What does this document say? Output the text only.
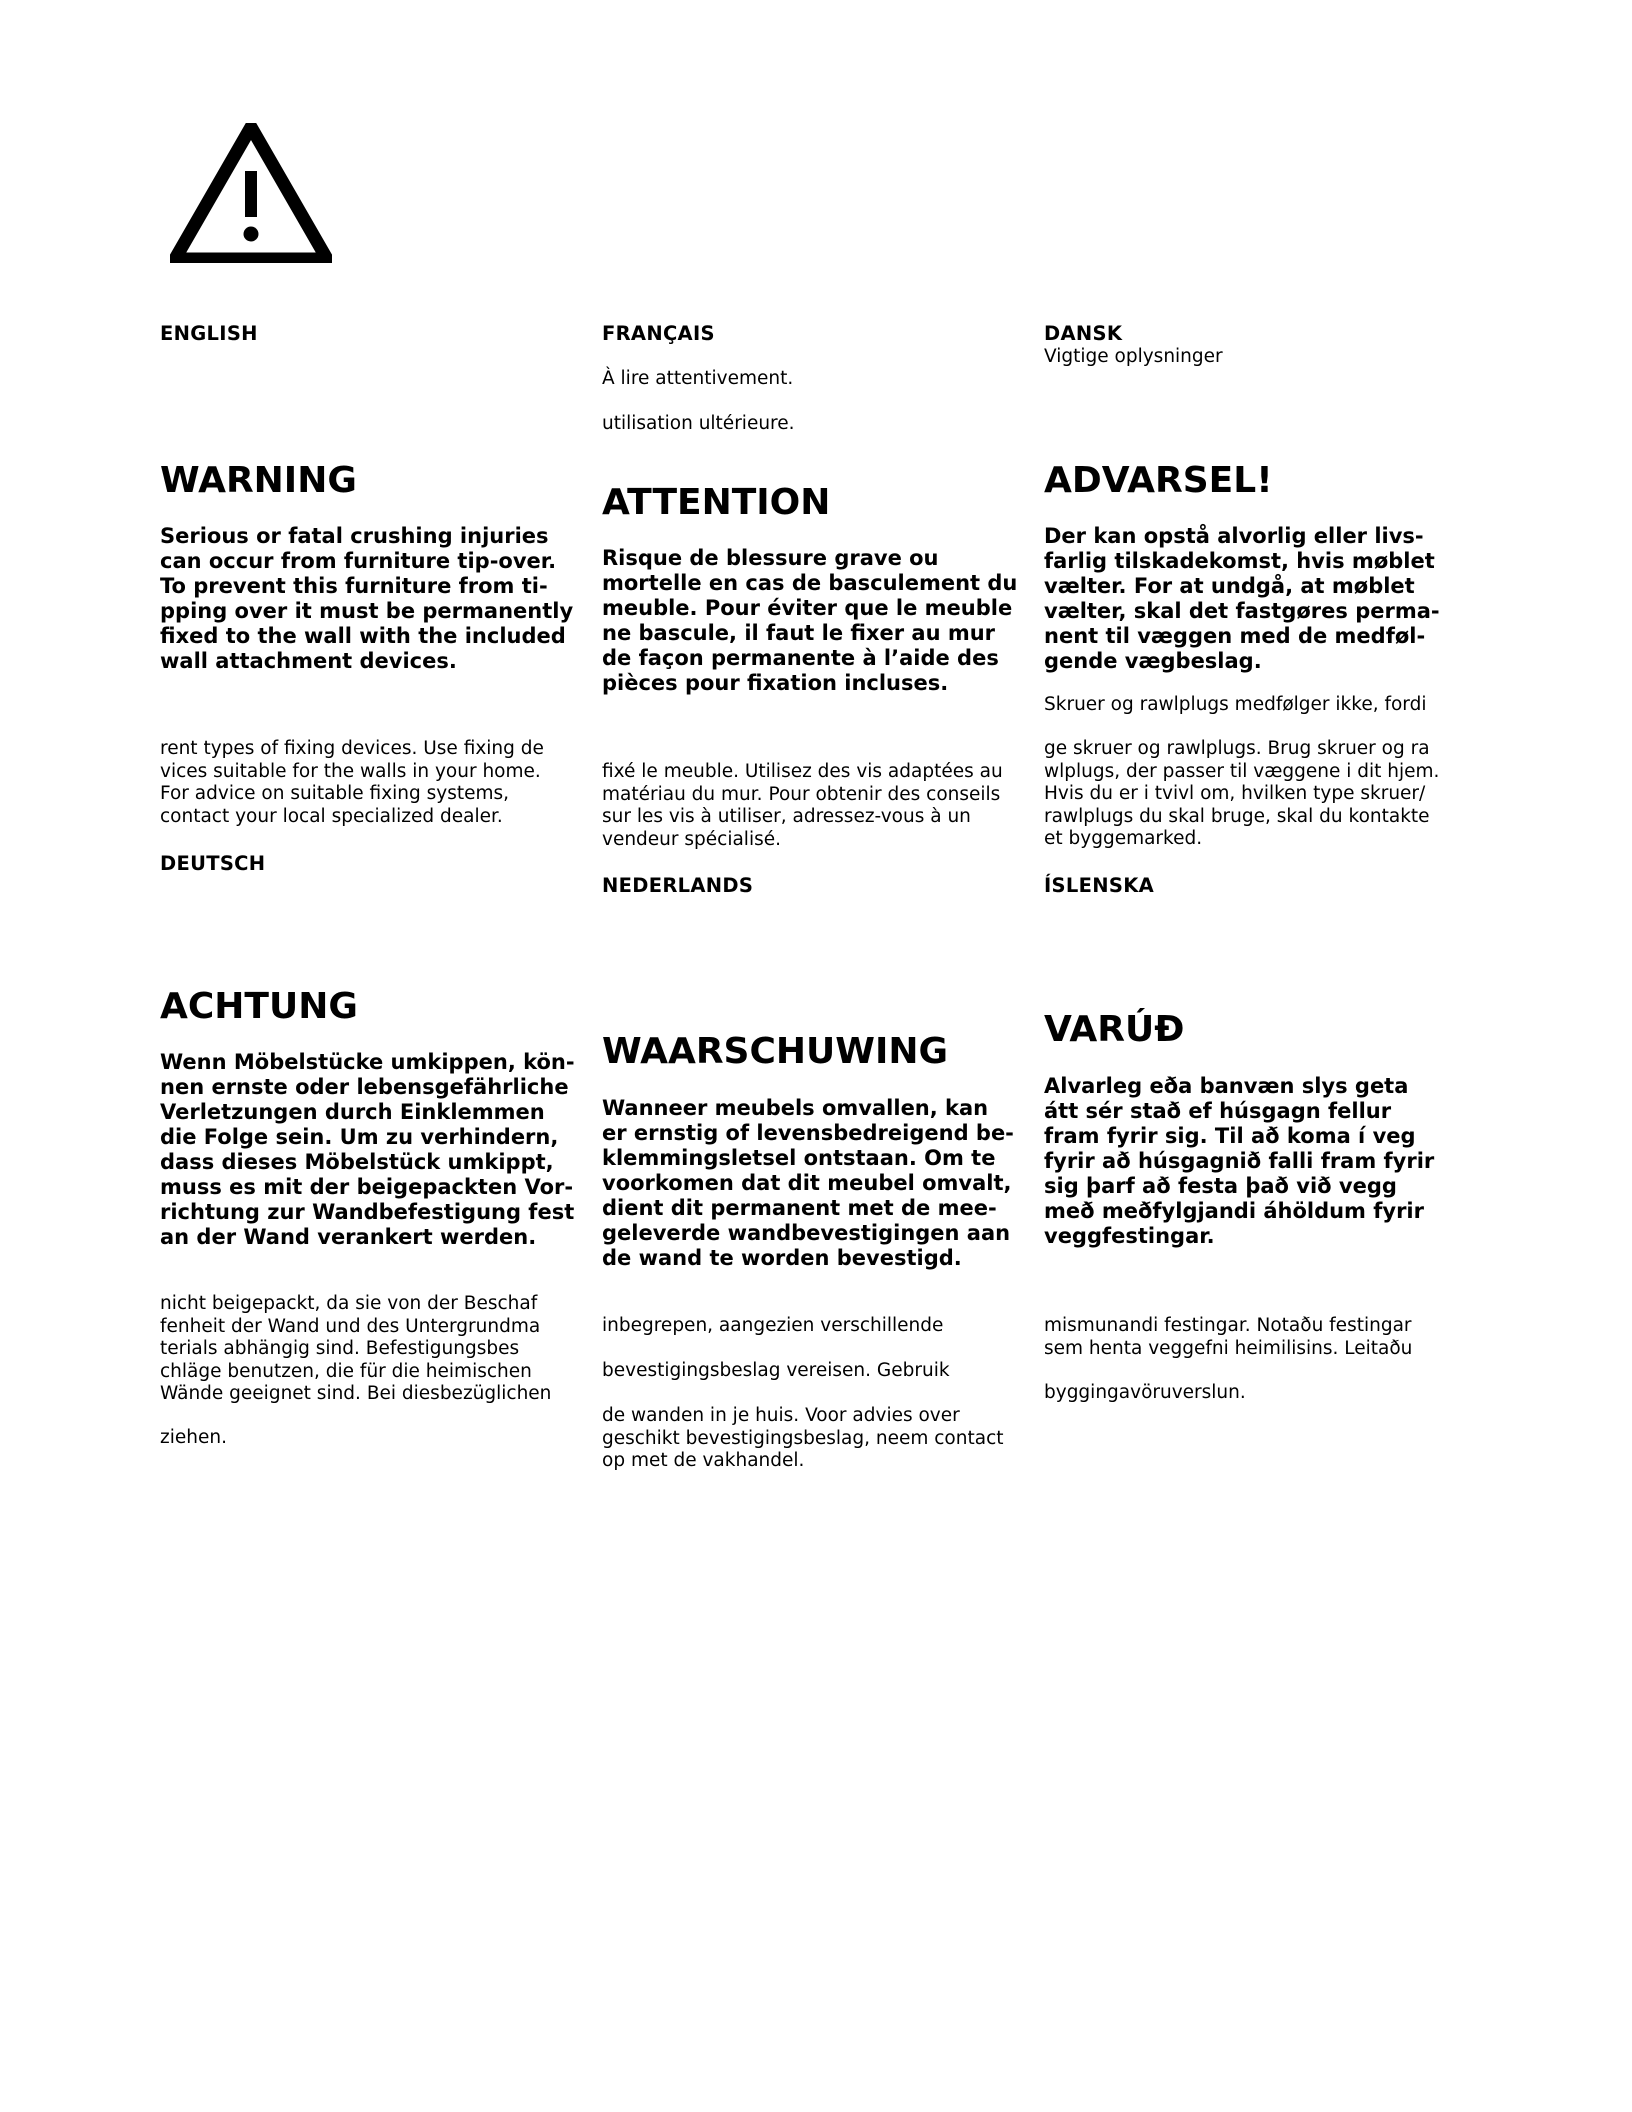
ENGLISH
WARNING
Serious or fatal crushing injuries
can occur from furniture tip-over.
To prevent this furniture from ti-
pping over it must be permanently
fixed to the wall with the included
wall attachment devices.
rent types of fixing devices. Use fixing de
vices suitable for the walls in your home.
For advice on suitable fixing systems,
contact your local specialized dealer.
DEUTSCH
ACHTUNG
Wenn Möbelstücke umkippen, kön-
nen ernste oder lebensgefährliche
Verletzungen durch Einklemmen
die Folge sein. Um zu verhindern,
dass dieses Möbelstück umkippt,
muss es mit der beigepackten Vor-
richtung zur Wandbefestigung fest
an der Wand verankert werden.
nicht beigepackt, da sie von der Beschaf
fenheit der Wand und des Untergrundma
terials abhängig sind. Befestigungsbes
chläge benutzen, die für die heimischen
Wände geeignet sind. Bei diesbezüglichen
ziehen.
FRANÇAIS
À lire attentivement.
utilisation ultérieure.
ATTENTION
Risque de blessure grave ou
mortelle en cas de basculement du
meuble. Pour éviter que le meuble
ne bascule, il faut le fixer au mur
de façon permanente à l’aide des
pièces pour fixation incluses.
fixé le meuble. Utilisez des vis adaptées au
matériau du mur. Pour obtenir des conseils
sur les vis à utiliser, adressez-vous à un
vendeur spécialisé.
NEDERLANDS
WAARSCHUWING
Wanneer meubels omvallen, kan
er ernstig of levensbedreigend be-
klemmingsletsel ontstaan. Om te
voorkomen dat dit meubel omvalt,
dient dit permanent met de mee-
geleverde wandbevestigingen aan
de wand te worden bevestigd.
inbegrepen, aangezien verschillende
bevestigingsbeslag vereisen. Gebruik
de wanden in je huis. Voor advies over
geschikt bevestigingsbeslag, neem contact
op met de vakhandel.
DANSK
Vigtige oplysninger
ADVARSEL!
Der kan opstå alvorlig eller livs-
farlig tilskadekomst, hvis møblet
vælter. For at undgå, at møblet
vælter, skal det fastgøres perma-
nent til væggen med de medføl-
gende vægbeslag.
Skruer og rawlplugs medfølger ikke, fordi
ge skruer og rawlplugs. Brug skruer og ra
wlplugs, der passer til væggene i dit hjem.
Hvis du er i tvivl om, hvilken type skruer/
rawlplugs du skal bruge, skal du kontakte
et byggemarked.
ÍSLENSKA
VARÚÐ
Alvarleg eða banvæn slys geta
átt sér stað ef húsgagn fellur
fram fyrir sig. Til að koma í veg
fyrir að húsgagnið falli fram fyrir
sig þarf að festa það við vegg
með meðfylgjandi áhöldum fyrir
veggfestingar.
mismunandi festingar. Notaðu festingar
sem henta veggefni heimilisins. Leitaðu
byggingavöruverslun.
